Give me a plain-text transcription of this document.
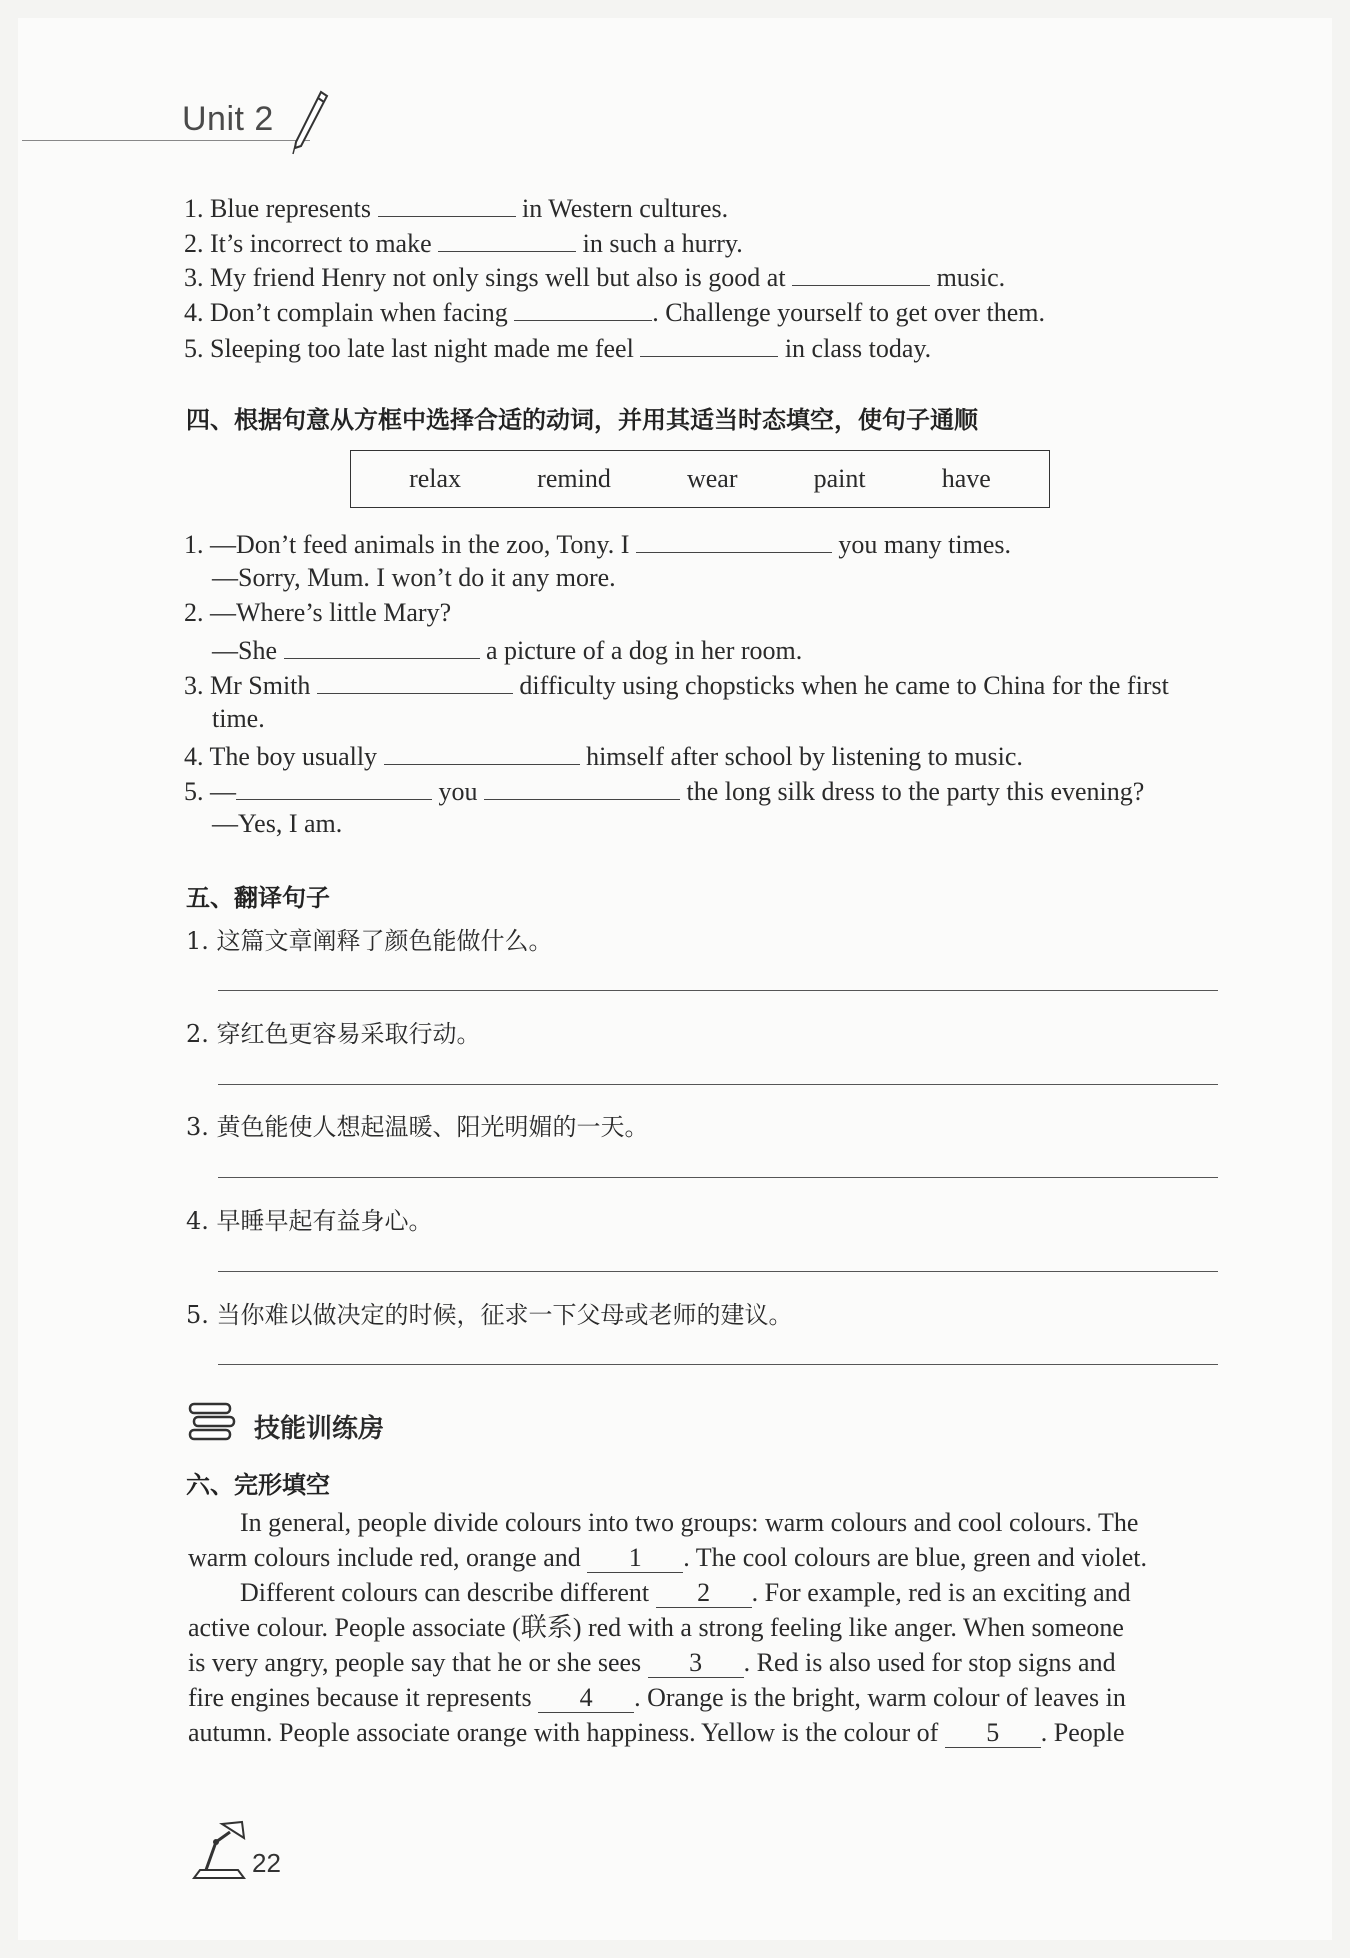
Unit 2
1. Blue represents	in Western cultures.
2. It’s incorrect to make	in such a hurry.
3. My friend Henry not only sings well but also is good at	music.
4. Don’t complain when facing	. Challenge yourself to get over them.
5. Sleeping too late last night made me feel	in class today.
四、根据句意从方框中选择合适的动词，并用其适当时态填空，使句子通顺
relax	remind	wear	paint	have
1. —Don’t feed animals in the zoo, Tony. I	you many times.
—Sorry, Mum. I won’t do it any more.
2. —Where’s little Mary?
—She	a picture of a dog in her room.
3. Mr Smith	difficulty using chopsticks when he came to China for the first
time.
4. The boy usually	himself after school by listening to music.
5. —	you	the long silk dress to the party this evening?
—Yes, I am.
五、翻译句子
1. 这篇文章阐释了颜色能做什么。
2. 穿红色更容易采取行动。
3. 黄色能使人想起温暖、阳光明媚的一天。
4. 早睡早起有益身心。
5. 当你难以做决定的时候，征求一下父母或老师的建议。
技能训练房
六、完形填空
In general, people divide colours into two groups: warm colours and cool colours. The
warm colours include red, orange and 1 . The cool colours are blue, green and violet.
Different colours can describe different 2 . For example, red is an exciting and
active colour. People associate (联系) red with a strong feeling like anger. When someone
is very angry, people say that he or she sees 3 . Red is also used for stop signs and
fire engines because it represents 4 . Orange is the bright, warm colour of leaves in
autumn. People associate orange with happiness. Yellow is the colour of 5 . People
22
